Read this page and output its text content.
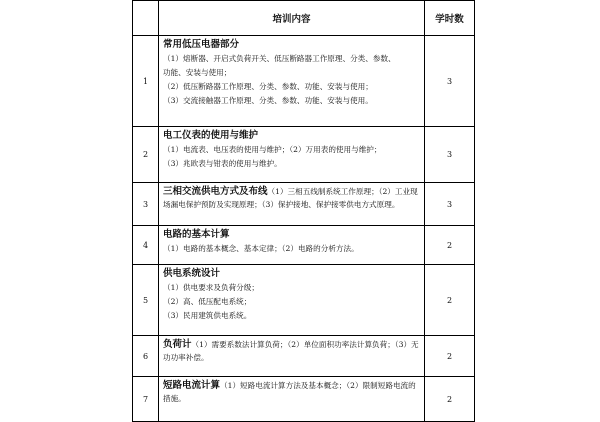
	培训内容	学时数
1	常用低压电器部分
（1）熔断器、开启式负荷开关、低压断路器工作原理、分类、参数、
功能、安装与使用；
（2）低压断路器工作原理、分类、参数、功能、安装与使用；
（3）交流接触器工作原理、分类、参数、功能、安装与使用。	3
2	电工仪表的使用与维护
（1）电流表、电压表的使用与维护；（2）万用表的使用与维护；
（3）兆欧表与钳表的使用与维护。	3
3	三相交流供电方式及布线（1）三相五线制系统工作原理；（2）工业现场漏电保护预防及实现原理；（3）保护接地、保护接零供电方式原理。	3
4	电路的基本计算
（1）电路的基本概念、基本定律；（2）电路的分析方法。	2
5	供电系统设计
（1）供电要求及负荷分级；
（2）高、低压配电系统；
（3）民用建筑供电系统。	2
6	负荷计（1）需要系数法计算负荷；（2）单位面积功率法计算负荷；（3）无功功率补偿。	2
7	短路电流计算（1）短路电流计算方法及基本概念；（2）限制短路电流的措施。	2
